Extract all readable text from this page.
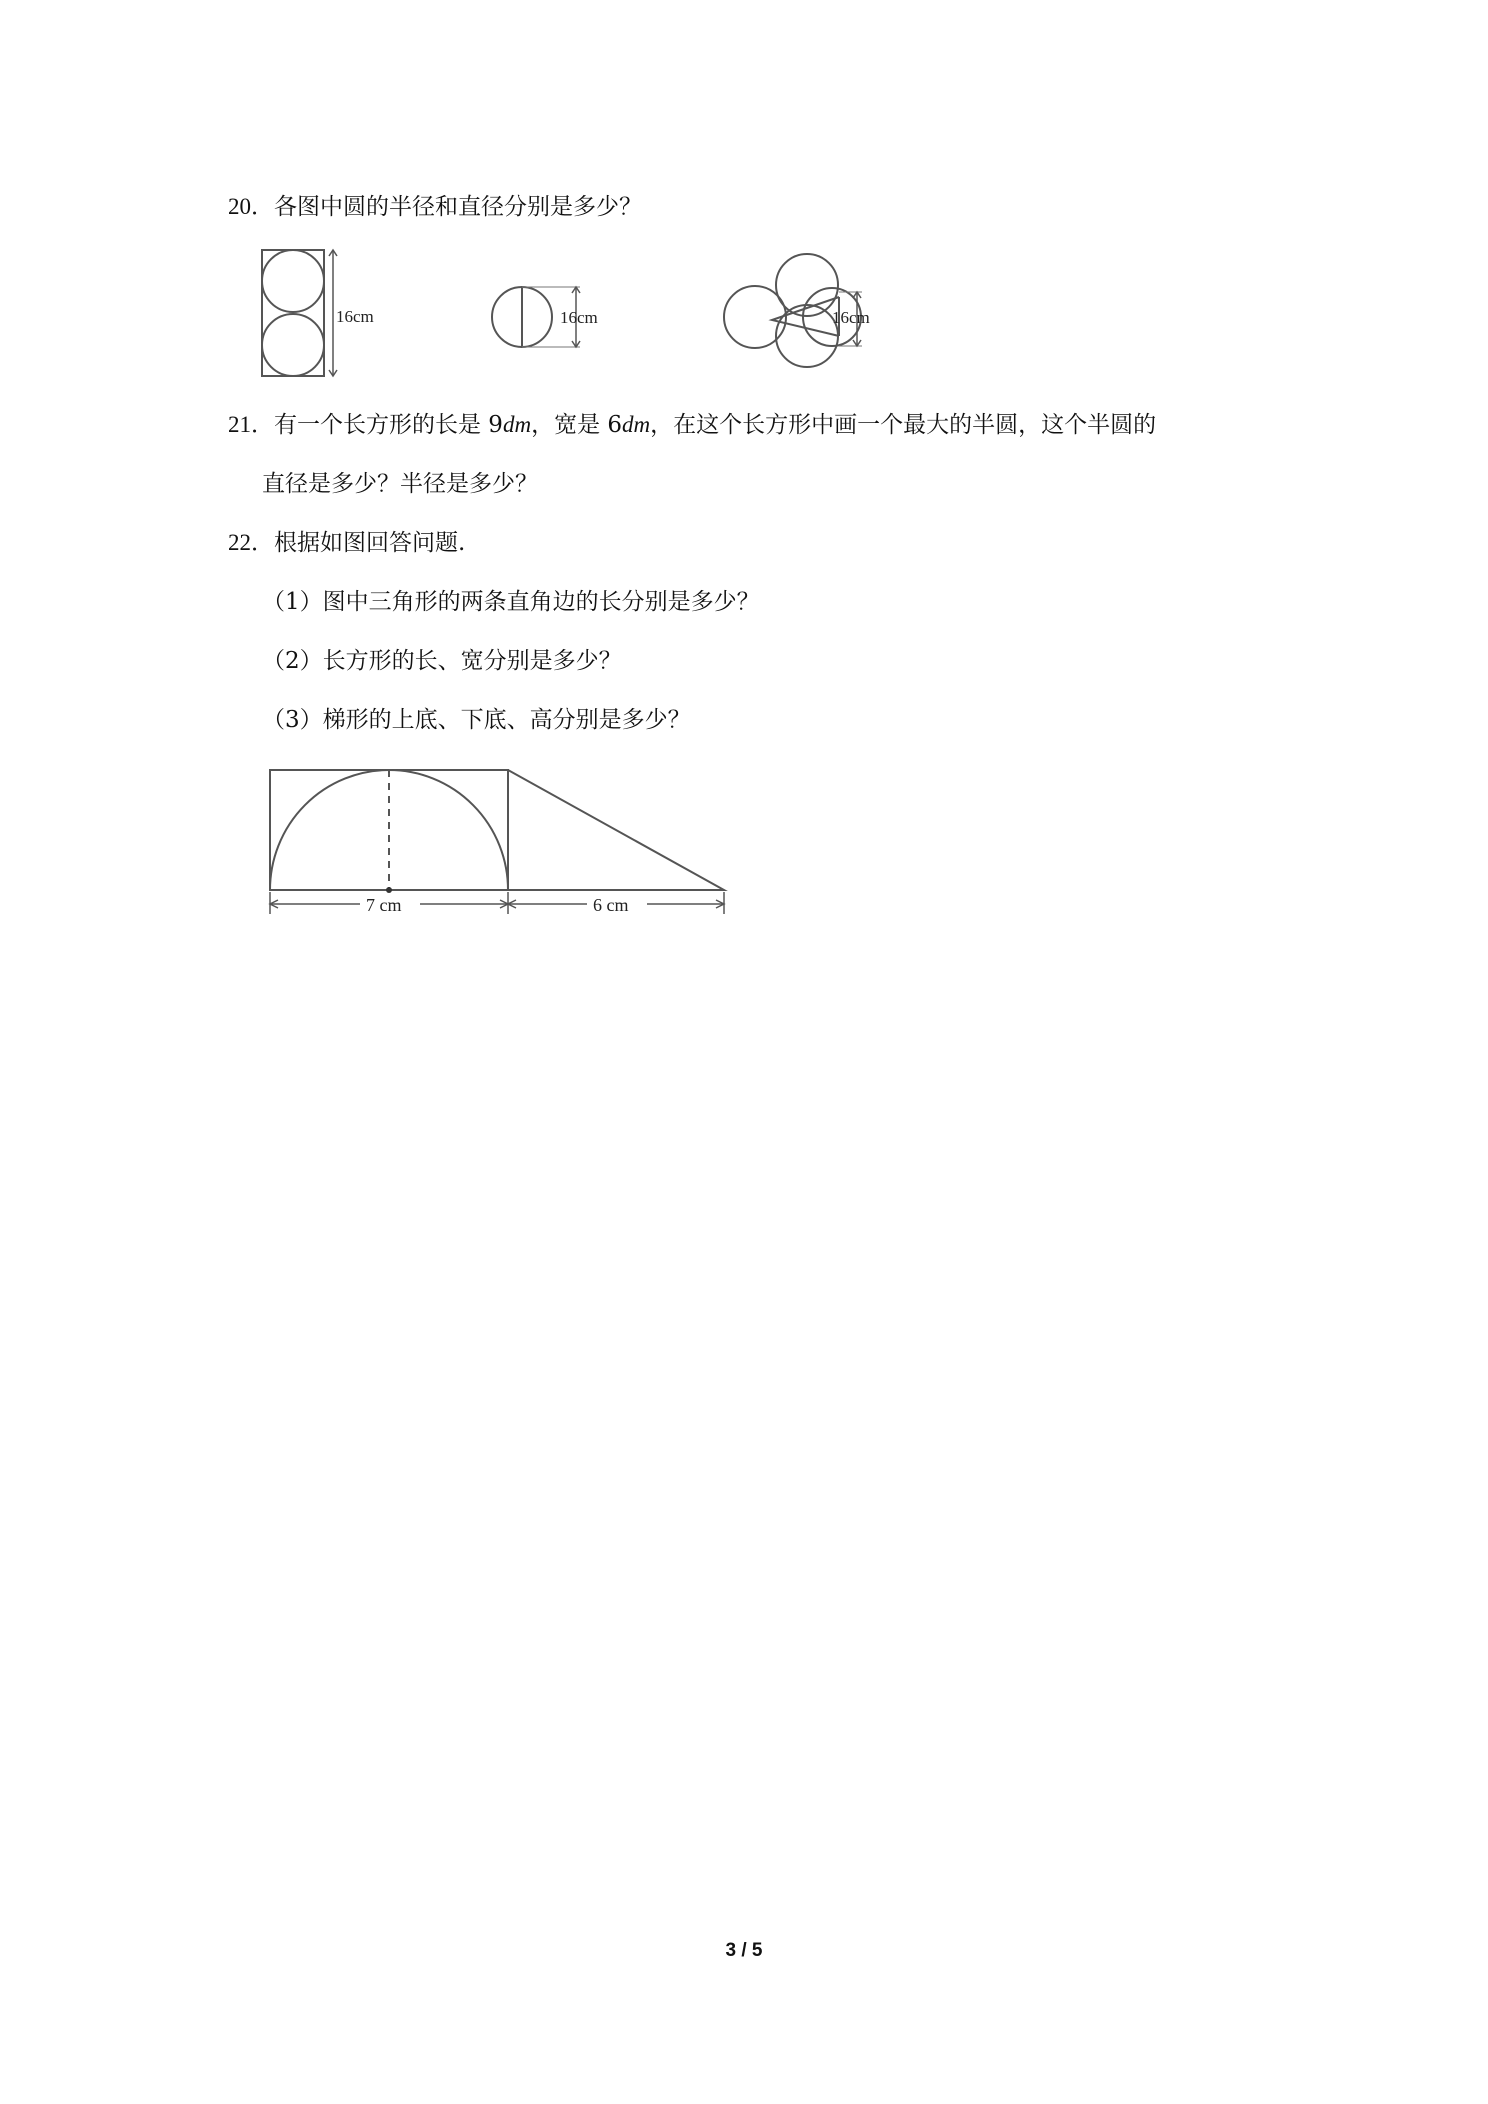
20．各图中圆的半径和直径分别是多少？
16cm	16cm	16cm
21．有一个长方形的长是 9dm，宽是 6dm，在这个长方形中画一个最大的半圆，这个半圆的
直径是多少？半径是多少？
22．根据如图回答问题.
（1）图中三角形的两条直角边的长分别是多少？
（2）长方形的长、宽分别是多少？
（3）梯形的上底、下底、高分别是多少？
7 cm	6 cm
3 / 5
